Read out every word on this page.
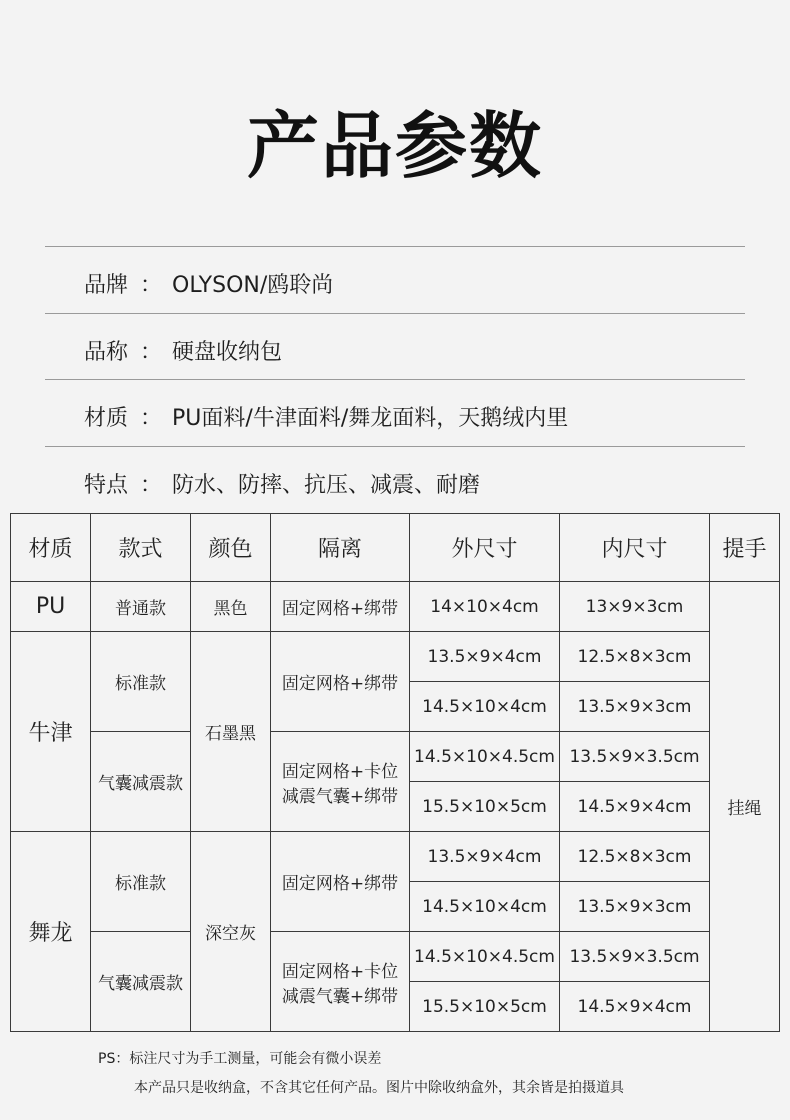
产品参数
品牌 ： OLYSON/鸥聆尚
品称 ： 硬盘收纳包
材质 ： PU面料/牛津面料/舞龙面料，天鹅绒内里
特点 ： 防水、防摔、抗压、减震、耐磨
材质	款式	颜色	隔离	外尺寸	内尺寸	提手
PU	普通款	黑色	固定网格+绑带	14×10×4cm	13×9×3cm	挂绳
牛津	标准款	石墨黑	固定网格+绑带	13.5×9×4cm	12.5×8×3cm	
				14.5×10×4cm	13.5×9×3cm	
	气囊减震款		固定网格+卡位
减震气囊+绑带	14.5×10×4.5cm	13.5×9×3.5cm	
				15.5×10×5cm	14.5×9×4cm	
舞龙	标准款	深空灰	固定网格+绑带	13.5×9×4cm	12.5×8×3cm	
				14.5×10×4cm	13.5×9×3cm	
	气囊减震款		固定网格+卡位
减震气囊+绑带	14.5×10×4.5cm	13.5×9×3.5cm	
				15.5×10×5cm	14.5×9×4cm	
PS：标注尺寸为手工测量，可能会有微小误差
本产品只是收纳盒，不含其它任何产品。图片中除收纳盒外，其余皆是拍摄道具
